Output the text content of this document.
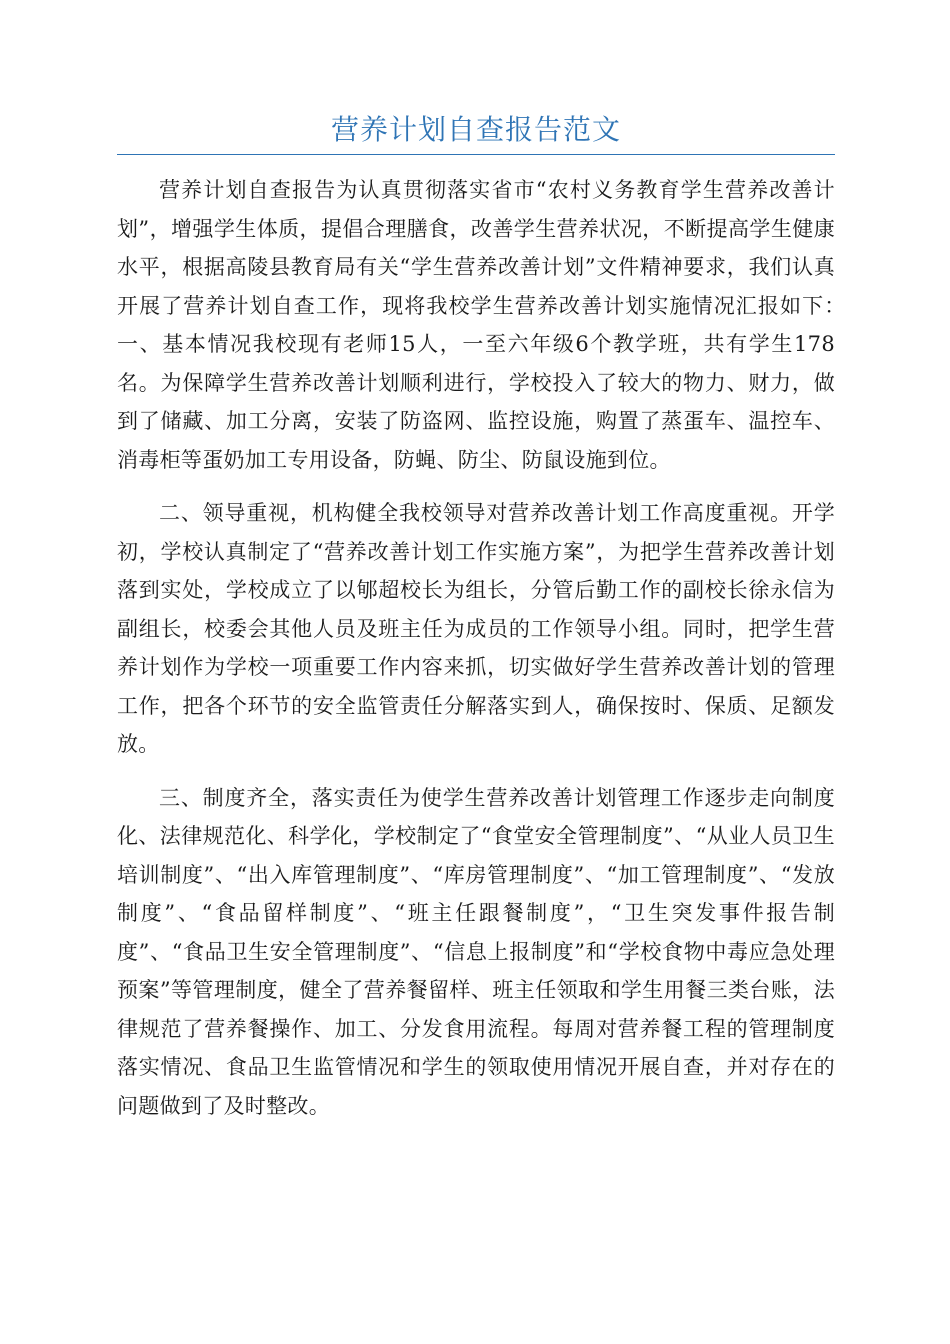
营养计划自查报告范文

营养计划自查报告为认真贯彻落实省市“农村义务教育学生营养改善计划”，增强学生体质，提倡合理膳食，改善学生营养状况，不断提高学生健康水平，根据高陵县教育局有关“学生营养改善计划”文件精神要求，我们认真开展了营养计划自查工作，现将我校学生营养改善计划实施情况汇报如下：　　一、基本情况我校现有老师15人，一至六年级6个教学班，共有学生178名。为保障学生营养改善计划顺利进行，学校投入了较大的物力、财力，做到了储藏、加工分离，安装了防盗网、监控设施，购置了蒸蛋车、温控车、消毒柜等蛋奶加工专用设备，防蝇、防尘、防鼠设施到位。

二、领导重视，机构健全我校领导对营养改善计划工作高度重视。开学初，学校认真制定了“营养改善计划工作实施方案”，为把学生营养改善计划落到实处，学校成立了以郇超校长为组长，分管后勤工作的副校长徐永信为副组长，校委会其他人员及班主任为成员的工作领导小组。同时，把学生营养计划作为学校一项重要工作内容来抓，切实做好学生营养改善计划的管理工作，把各个环节的安全监管责任分解落实到人，确保按时、保质、足额发放。

三、制度齐全，落实责任为使学生营养改善计划管理工作逐步走向制度化、法律规范化、科学化，学校制定了“食堂安全管理制度”、“从业人员卫生培训制度”、“出入库管理制度”、“库房管理制度”、“加工管理制度”、“发放制度”、“食品留样制度”、“班主任跟餐制度”，“卫生突发事件报告制度”、“食品卫生安全管理制度”、“信息上报制度”和“学校食物中毒应急处理预案”等管理制度，健全了营养餐留样、班主任领取和学生用餐三类台账，法律规范了营养餐操作、加工、分发食用流程。每周对营养餐工程的管理制度落实情况、食品卫生监管情况和学生的领取使用情况开展自查，并对存在的问题做到了及时整改。
